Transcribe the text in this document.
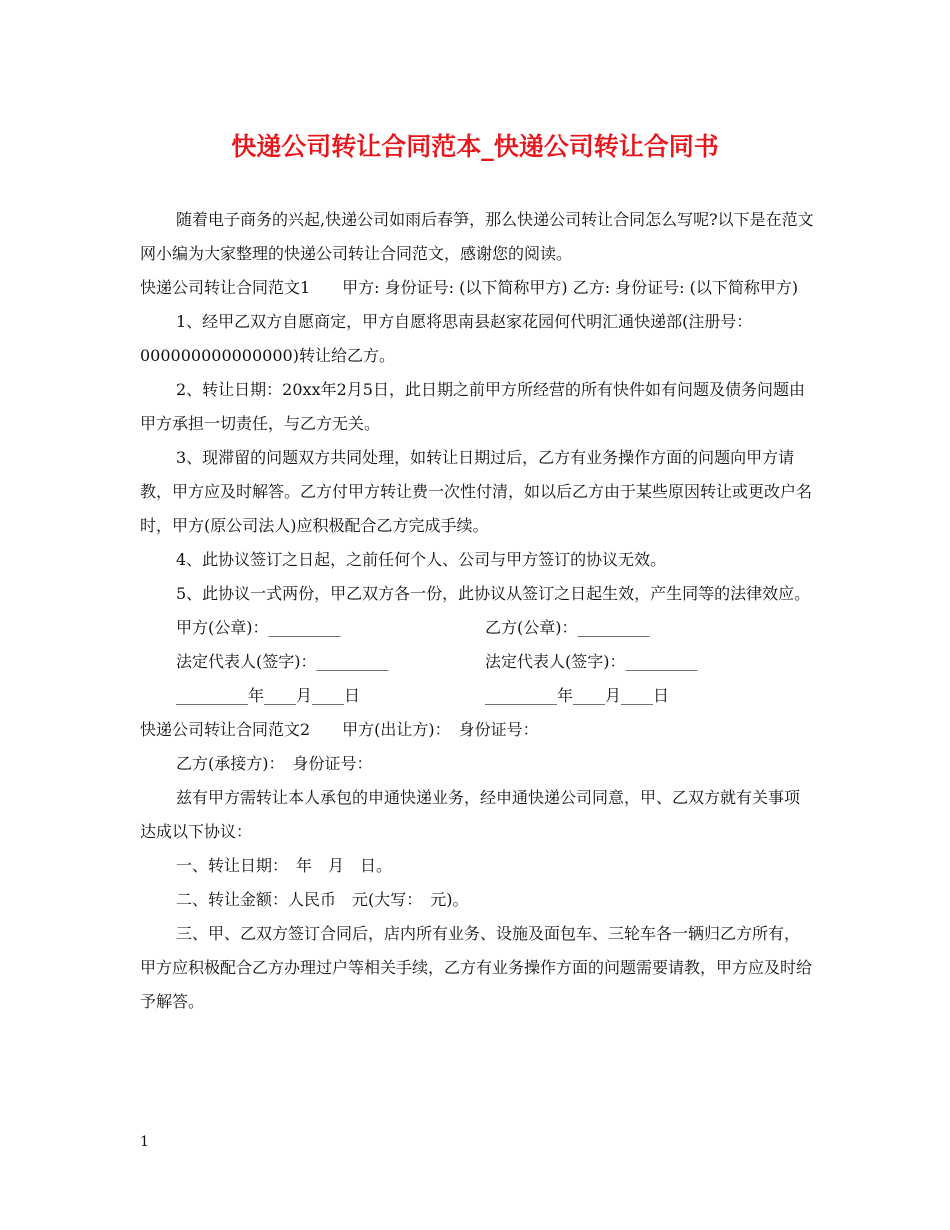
快递公司转让合同范本_快递公司转让合同书

随着电子商务的兴起,快递公司如雨后春笋，那么快递公司转让合同怎么写呢?以下是在范文网小编为大家整理的快递公司转让合同范文，感谢您的阅读。

快递公司转让合同范文1　　甲方: 身份证号: (以下简称甲方) 乙方: 身份证号: (以下简称甲方)

1、经甲乙双方自愿商定，甲方自愿将思南县赵家花园何代明汇通快递部(注册号：000000000000000)转让给乙方。

2、转让日期：20xx年2月5日，此日期之前甲方所经营的所有快件如有问题及债务问题由甲方承担一切责任，与乙方无关。

3、现滞留的问题双方共同处理，如转让日期过后，乙方有业务操作方面的问题向甲方请教，甲方应及时解答。乙方付甲方转让费一次性付清，如以后乙方由于某些原因转让或更改户名时，甲方(原公司法人)应积极配合乙方完成手续。

4、此协议签订之日起，之前任何个人、公司与甲方签订的协议无效。

5、此协议一式两份，甲乙双方各一份，此协议从签订之日起生效，产生同等的法律效应。

甲方(公章)：_________	乙方(公章)：_________
法定代表人(签字)：_________	法定代表人(签字)：_________
_________年____月____日	_________年____月____日

快递公司转让合同范文2　　甲方(出让方)：　身份证号：

乙方(承接方)：　身份证号：

兹有甲方需转让本人承包的申通快递业务，经申通快递公司同意，甲、乙双方就有关事项达成以下协议：

一、转让日期：　年　月　日。

二、转让金额：人民币　元(大写：　元)。

三、甲、乙双方签订合同后，店内所有业务、设施及面包车、三轮车各一辆归乙方所有，甲方应积极配合乙方办理过户等相关手续，乙方有业务操作方面的问题需要请教，甲方应及时给予解答。

1
